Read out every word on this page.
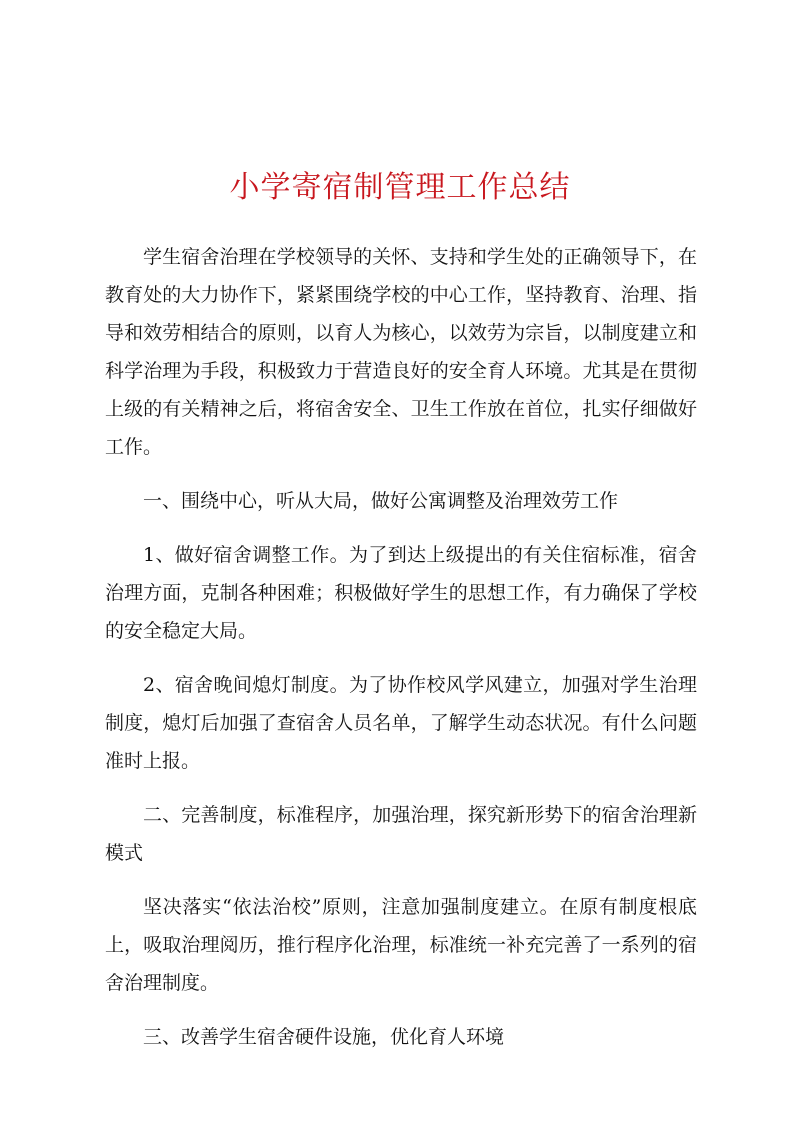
小学寄宿制管理工作总结

学生宿舍治理在学校领导的关怀、支持和学生处的正确领导下，在教育处的大力协作下，紧紧围绕学校的中心工作，坚持教育、治理、指导和效劳相结合的原则，以育人为核心，以效劳为宗旨，以制度建立和科学治理为手段，积极致力于营造良好的安全育人环境。尤其是在贯彻上级的有关精神之后，将宿舍安全、卫生工作放在首位，扎实仔细做好工作。

一、围绕中心，听从大局，做好公寓调整及治理效劳工作

1、做好宿舍调整工作。为了到达上级提出的有关住宿标准，宿舍治理方面，克制各种困难；积极做好学生的思想工作，有力确保了学校的安全稳定大局。

2、宿舍晚间熄灯制度。为了协作校风学风建立，加强对学生治理制度，熄灯后加强了查宿舍人员名单，了解学生动态状况。有什么问题准时上报。

二、完善制度，标准程序，加强治理，探究新形势下的宿舍治理新模式

坚决落实“依法治校”原则，注意加强制度建立。在原有制度根底上，吸取治理阅历，推行程序化治理，标准统一补充完善了一系列的宿舍治理制度。

三、改善学生宿舍硬件设施，优化育人环境
